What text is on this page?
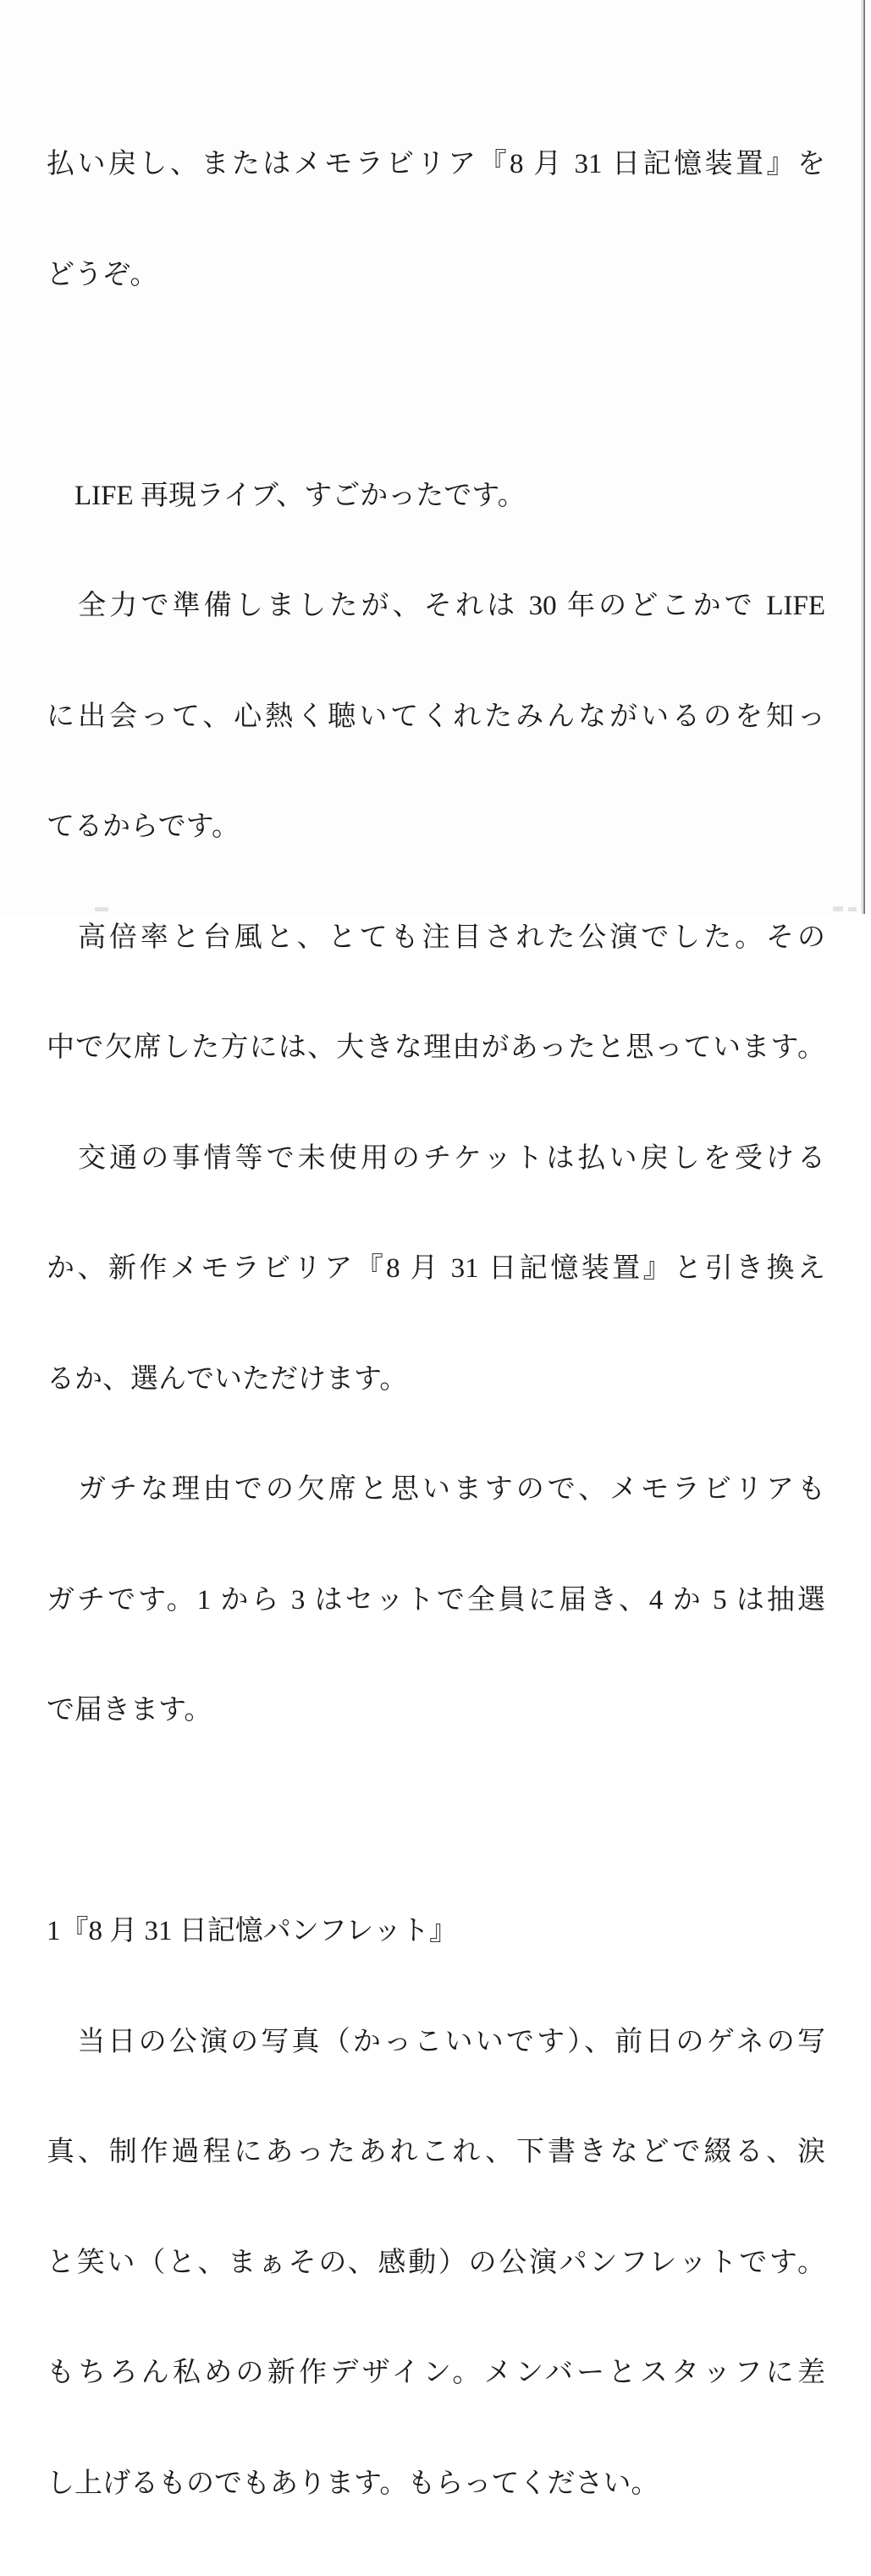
払い戻し、またはメモラビリア『8 月 31 日記憶装置』を

どうぞ。

　LIFE 再現ライブ、すごかったです。

　全力で準備しましたが、それは 30 年のどこかで LIFE

に出会って、心熱く聴いてくれたみんながいるのを知っ

てるからです。

　高倍率と台風と、とても注目された公演でした。その

中で欠席した方には、大きな理由があったと思っています。

　交通の事情等で未使用のチケットは払い戻しを受ける

か、新作メモラビリア『8 月 31 日記憶装置』と引き換え

るか、選んでいただけます。

　ガチな理由での欠席と思いますので、メモラビリアも

ガチです。1 から 3 はセットで全員に届き、4 か 5 は抽選

で届きます。

1『8 月 31 日記憶パンフレット』

　当日の公演の写真（かっこいいです）、前日のゲネの写

真、制作過程にあったあれこれ、下書きなどで綴る、涙

と笑い（と、まぁその、感動）の公演パンフレットです。

もちろん私めの新作デザイン。メンバーとスタッフに差

し上げるものでもあります。もらってください。
